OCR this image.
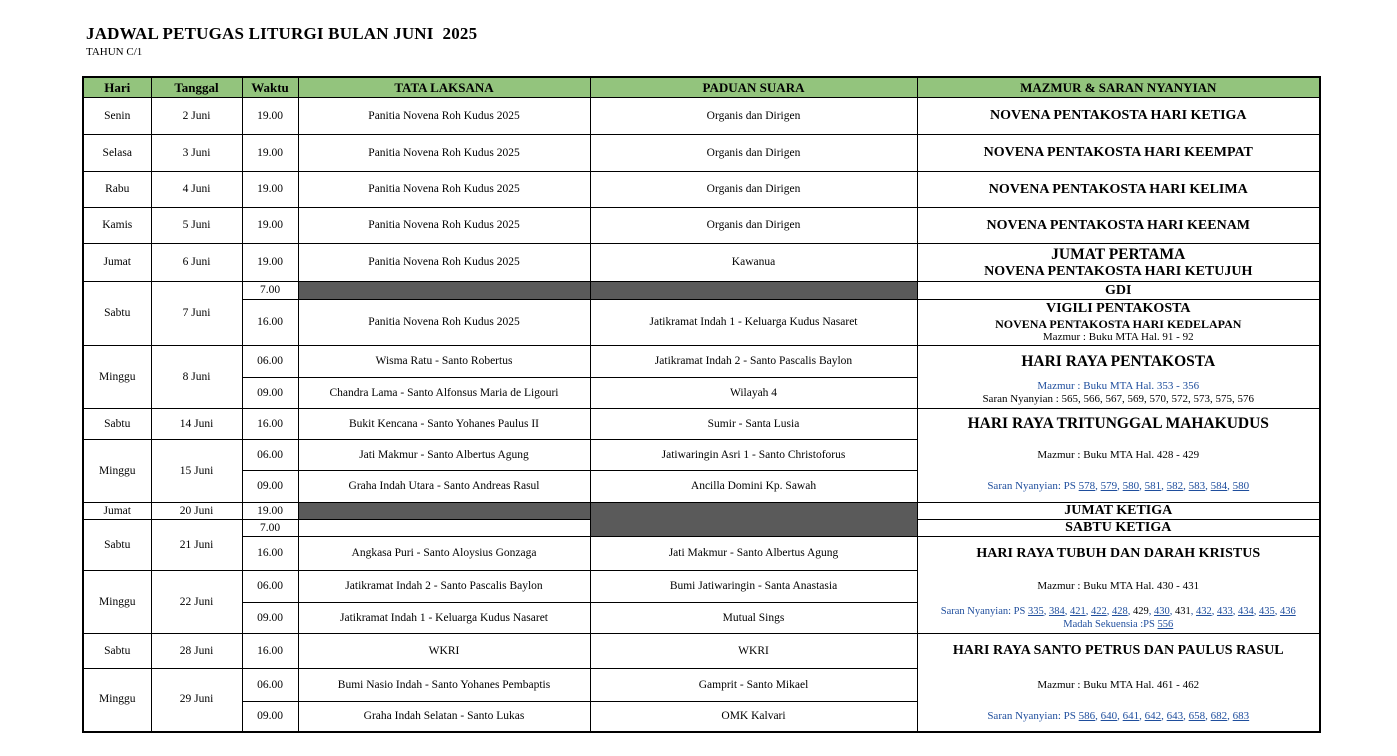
JADWAL PETUGAS LITURGI BULAN JUNI  2025
TAHUN C/1
Hari	Tanggal	Waktu	TATA LAKSANA	PADUAN SUARA	MAZMUR & SARAN NYANYIAN
Senin	2 Juni	19.00	Panitia Novena Roh Kudus 2025	Organis dan Dirigen	NOVENA PENTAKOSTA HARI KETIGA
Selasa	3 Juni	19.00	Panitia Novena Roh Kudus 2025	Organis dan Dirigen	NOVENA PENTAKOSTA HARI KEEMPAT
Rabu	4 Juni	19.00	Panitia Novena Roh Kudus 2025	Organis dan Dirigen	NOVENA PENTAKOSTA HARI KELIMA
Kamis	5 Juni	19.00	Panitia Novena Roh Kudus 2025	Organis dan Dirigen	NOVENA PENTAKOSTA HARI KEENAM
Jumat	6 Juni	19.00	Panitia Novena Roh Kudus 2025	Kawanua	JUMAT PERTAMA
NOVENA PENTAKOSTA HARI KETUJUH

Sabtu	7 Juni	7.00			GDI
		16.00	Panitia Novena Roh Kudus 2025	Jatikramat Indah 1 - Keluarga Kudus Nasaret	VIGILI PENTAKOSTA
NOVENA PENTAKOSTA HARI KEDELAPAN
Mazmur : Buku MTA Hal. 91 - 92

Minggu	8 Juni	06.00	Wisma Ratu - Santo Robertus	Jatikramat Indah 2 - Santo Pascalis Baylon	HARI RAYA PENTAKOSTA
		09.00	Chandra Lama - Santo Alfonsus Maria de Ligouri	Wilayah 4	Mazmur : Buku MTA Hal. 353 - 356
Saran Nyanyian : 565, 566, 567, 569, 570, 572, 573, 575, 576

Sabtu	14 Juni	16.00	Bukit Kencana - Santo Yohanes Paulus II	Sumir - Santa Lusia	HARI RAYA TRITUNGGAL MAHAKUDUS
Minggu	15 Juni	06.00	Jati Makmur - Santo Albertus Agung	Jatiwaringin Asri 1 - Santo Christoforus	Mazmur : Buku MTA Hal. 428 - 429
		09.00	Graha Indah Utara - Santo Andreas Rasul	Ancilla Domini Kp. Sawah	Saran Nyanyian: PS 578, 579, 580, 581, 582, 583, 584, 580
Jumat	20 Juni	19.00			JUMAT KETIGA
Sabtu	21 Juni	7.00			SABTU KETIGA
		16.00	Angkasa Puri - Santo Aloysius Gonzaga	Jati Makmur - Santo Albertus Agung	HARI RAYA TUBUH DAN DARAH KRISTUS
Minggu	22 Juni	06.00	Jatikramat Indah 2 - Santo Pascalis Baylon	Bumi Jatiwaringin - Santa Anastasia	Mazmur : Buku MTA Hal. 430 - 431
		09.00	Jatikramat Indah 1 - Keluarga Kudus Nasaret	Mutual Sings	Saran Nyanyian: PS 335, 384, 421, 422, 428, 429, 430, 431, 432, 433, 434, 435, 436
Madah Sekuensia :PS 556

Sabtu	28 Juni	16.00	WKRI	WKRI	HARI RAYA SANTO PETRUS DAN PAULUS RASUL
Minggu	29 Juni	06.00	Bumi Nasio Indah - Santo Yohanes Pembaptis	Gamprit - Santo Mikael	Mazmur : Buku MTA Hal. 461 - 462
		09.00	Graha Indah Selatan - Santo Lukas	OMK Kalvari	Saran Nyanyian: PS 586, 640, 641, 642, 643, 658, 682, 683
